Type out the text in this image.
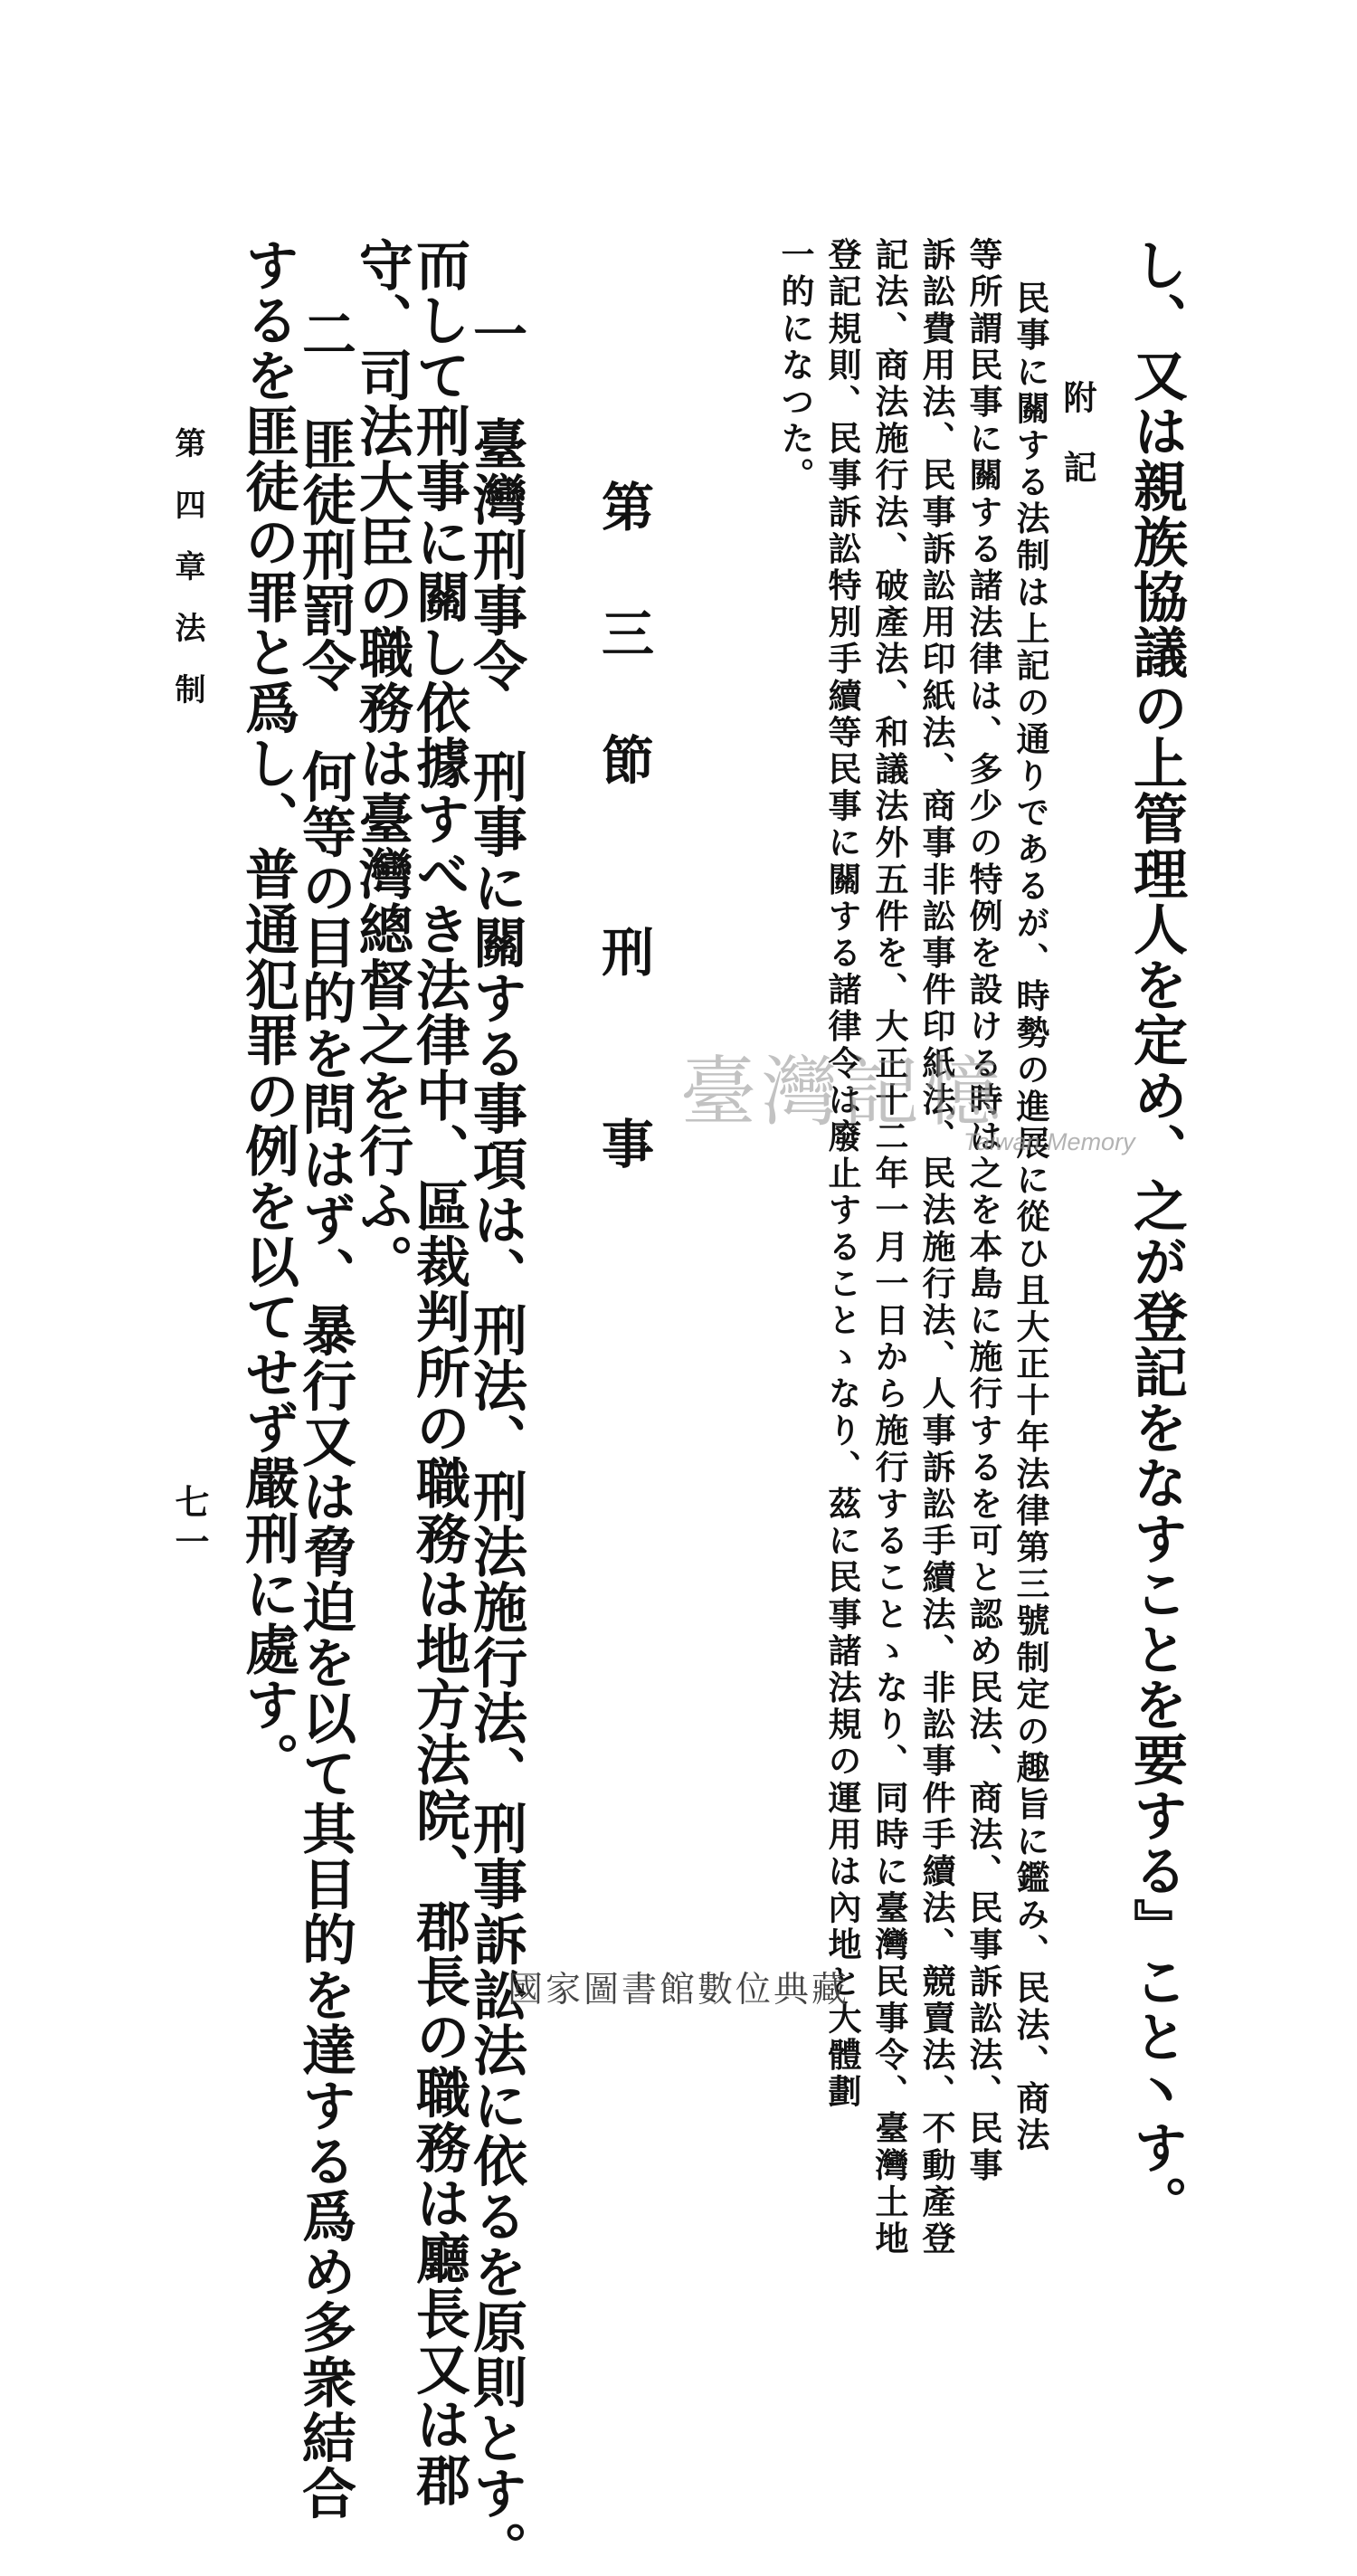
し、又は親族協議の上管理人を定め、之が登記をなすことを要する』こと丶す。
附記
民事に關する法制は上記の通りであるが、時勢の進展に從ひ且大正十年法律第三號制定の趣旨に鑑み、民法、商法
等所謂民事に關する諸法律は、多少の特例を設ける時は之を本島に施行するを可と認め民法、商法、民事訴訟法、民事
訴訟費用法、民事訴訟用印紙法、商事非訟事件印紙法、民法施行法、人事訴訟手續法、非訟事件手續法、競賣法、不動產登
記法、商法施行法、破產法、和議法外五件を、大正十二年一月一日から施行することゝなり、同時に臺灣民事令、臺灣土地
登記規則、民事訴訟特別手續等民事に關する諸律令は廢止することゝなり、茲に民事諸法規の運用は內地と大體劃
一的になつた。
第 三 節 刑 事
一　臺灣刑事令　刑事に關する事項は、刑法、刑法施行法、刑事訴訟法に依るを原則とす。
而して刑事に關し依據すべき法律中、區裁判所の職務は地方法院、郡長の職務は廳長又は郡
守、司法大臣の職務は臺灣總督之を行ふ。
二　匪徒刑罰令　何等の目的を問はず、暴行又は脅迫を以て其目的を達する爲め多衆結合
するを匪徒の罪と爲し、普通犯罪の例を以てせず嚴刑に處す。
第四章法制
七一
臺灣記憶
Taiwan Memory
國家圖書館數位典藏
